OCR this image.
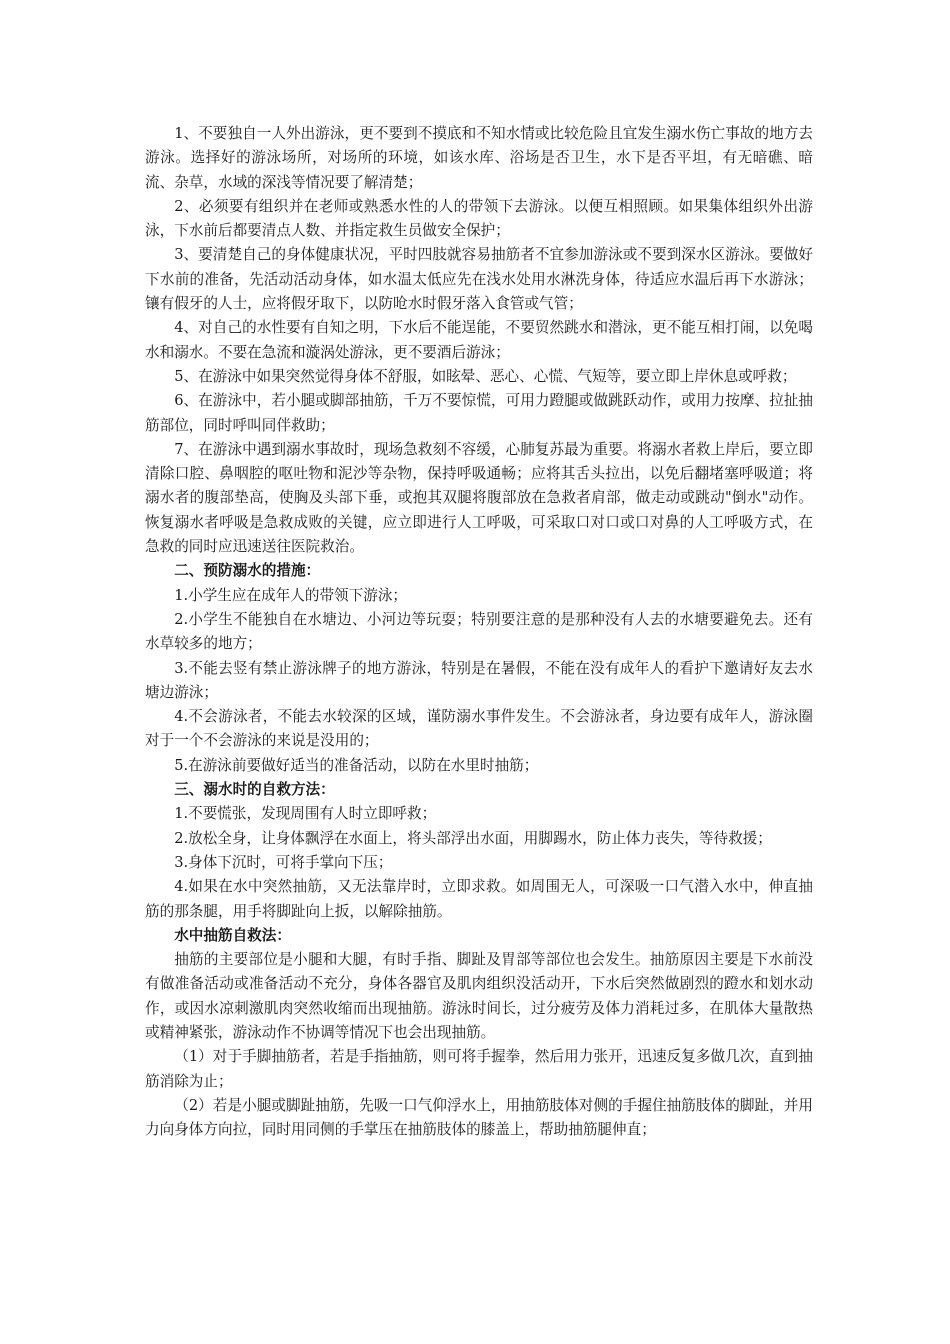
1、不要独自一人外出游泳，更不要到不摸底和不知水情或比较危险且宜发生溺水伤亡事故的地方去游泳。选择好的游泳场所，对场所的环境，如该水库、浴场是否卫生，水下是否平坦，有无暗礁、暗流、杂草，水域的深浅等情况要了解清楚；

2、必须要有组织并在老师或熟悉水性的人的带领下去游泳。以便互相照顾。如果集体组织外出游泳，下水前后都要清点人数、并指定救生员做安全保护；

3、要清楚自己的身体健康状况，平时四肢就容易抽筋者不宜参加游泳或不要到深水区游泳。要做好下水前的准备，先活动活动身体，如水温太低应先在浅水处用水淋洗身体，待适应水温后再下水游泳；镶有假牙的人士，应将假牙取下，以防呛水时假牙落入食管或气管；

4、对自己的水性要有自知之明，下水后不能逞能，不要贸然跳水和潜泳，更不能互相打闹，以免喝水和溺水。不要在急流和漩涡处游泳，更不要酒后游泳；

5、在游泳中如果突然觉得身体不舒服，如眩晕、恶心、心慌、气短等，要立即上岸休息或呼救；

6、在游泳中，若小腿或脚部抽筋，千万不要惊慌，可用力蹬腿或做跳跃动作，或用力按摩、拉扯抽筋部位，同时呼叫同伴救助；

7、在游泳中遇到溺水事故时，现场急救刻不容缓，心肺复苏最为重要。将溺水者救上岸后，要立即清除口腔、鼻咽腔的呕吐物和泥沙等杂物，保持呼吸通畅；应将其舌头拉出，以免后翻堵塞呼吸道；将溺水者的腹部垫高，使胸及头部下垂，或抱其双腿将腹部放在急救者肩部，做走动或跳动"倒水"动作。恢复溺水者呼吸是急救成败的关键，应立即进行人工呼吸，可采取口对口或口对鼻的人工呼吸方式，在急救的同时应迅速送往医院救治。

二、预防溺水的措施：

1.小学生应在成年人的带领下游泳；

2.小学生不能独自在水塘边、小河边等玩耍；特别要注意的是那种没有人去的水塘要避免去。还有水草较多的地方；

3.不能去竖有禁止游泳牌子的地方游泳，特别是在暑假，不能在没有成年人的看护下邀请好友去水塘边游泳；

4.不会游泳者，不能去水较深的区域，谨防溺水事件发生。不会游泳者，身边要有成年人，游泳圈对于一个不会游泳的来说是没用的；

5.在游泳前要做好适当的准备活动，以防在水里时抽筋；

三、溺水时的自救方法：

1.不要慌张，发现周围有人时立即呼救；

2.放松全身，让身体飘浮在水面上，将头部浮出水面，用脚踢水，防止体力丧失，等待救援；

3.身体下沉时，可将手掌向下压；

4.如果在水中突然抽筋，又无法靠岸时，立即求救。如周围无人，可深吸一口气潜入水中，伸直抽筋的那条腿，用手将脚趾向上扳，以解除抽筋。

水中抽筋自救法：

抽筋的主要部位是小腿和大腿，有时手指、脚趾及胃部等部位也会发生。抽筋原因主要是下水前没有做准备活动或准备活动不充分，身体各器官及肌肉组织没活动开，下水后突然做剧烈的蹬水和划水动作，或因水凉刺激肌肉突然收缩而出现抽筋。游泳时间长，过分疲劳及体力消耗过多，在肌体大量散热或精神紧张，游泳动作不协调等情况下也会出现抽筋。

（1）对于手脚抽筋者，若是手指抽筋，则可将手握拳，然后用力张开，迅速反复多做几次，直到抽筋消除为止；

（2）若是小腿或脚趾抽筋，先吸一口气仰浮水上，用抽筋肢体对侧的手握住抽筋肢体的脚趾，并用力向身体方向拉，同时用同侧的手掌压在抽筋肢体的膝盖上，帮助抽筋腿伸直；
